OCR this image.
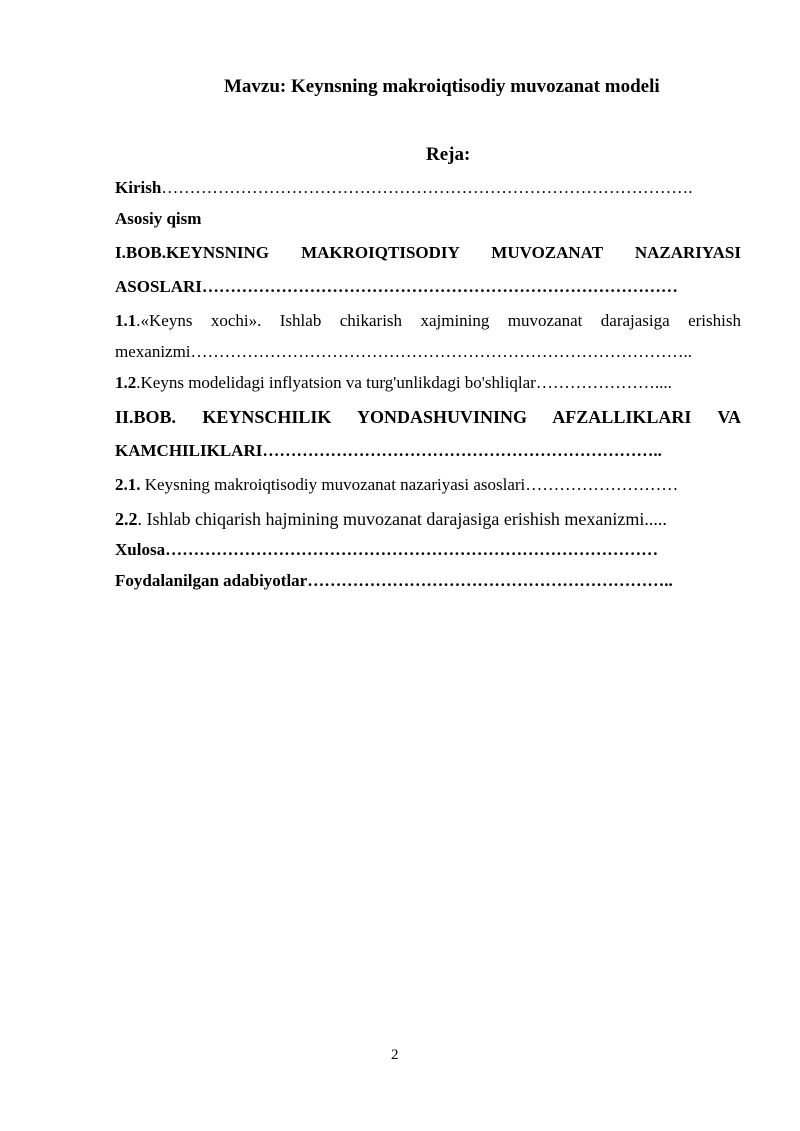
Mavzu: Keynsning makroiqtisodiy muvozanat modeli
Reja:
Kirish………………………………………………………………………………….
Asosiy qism
I.BOB.KEYNSNING MAKROIQTISODIY MUVOZANAT NAZARIYASI
ASOSLARI…………………………………………………………………………
1.1.«Keyns xochi». Ishlab chikarish xajmining muvozanat darajasiga erishish
mexanizmi……………………………………………………………………………..
1.2.Keyns modelidagi inflyatsion va turg'unlikdagi bo'shliqlar…………………....
II.BOB. KEYNSCHILIK YONDASHUVINING AFZALLIKLARI VA
KAMCHILIKLARI……………………………………………………………..
2.1. Keysning makroiqtisodiy muvozanat nazariyasi asoslari………………………
2.2. Ishlab chiqarish hajmining muvozanat darajasiga erishish mexanizmi.....
Xulosa……………………………………………………………………………
Foydalanilgan adabiyotlar………………………………………………………..
2
